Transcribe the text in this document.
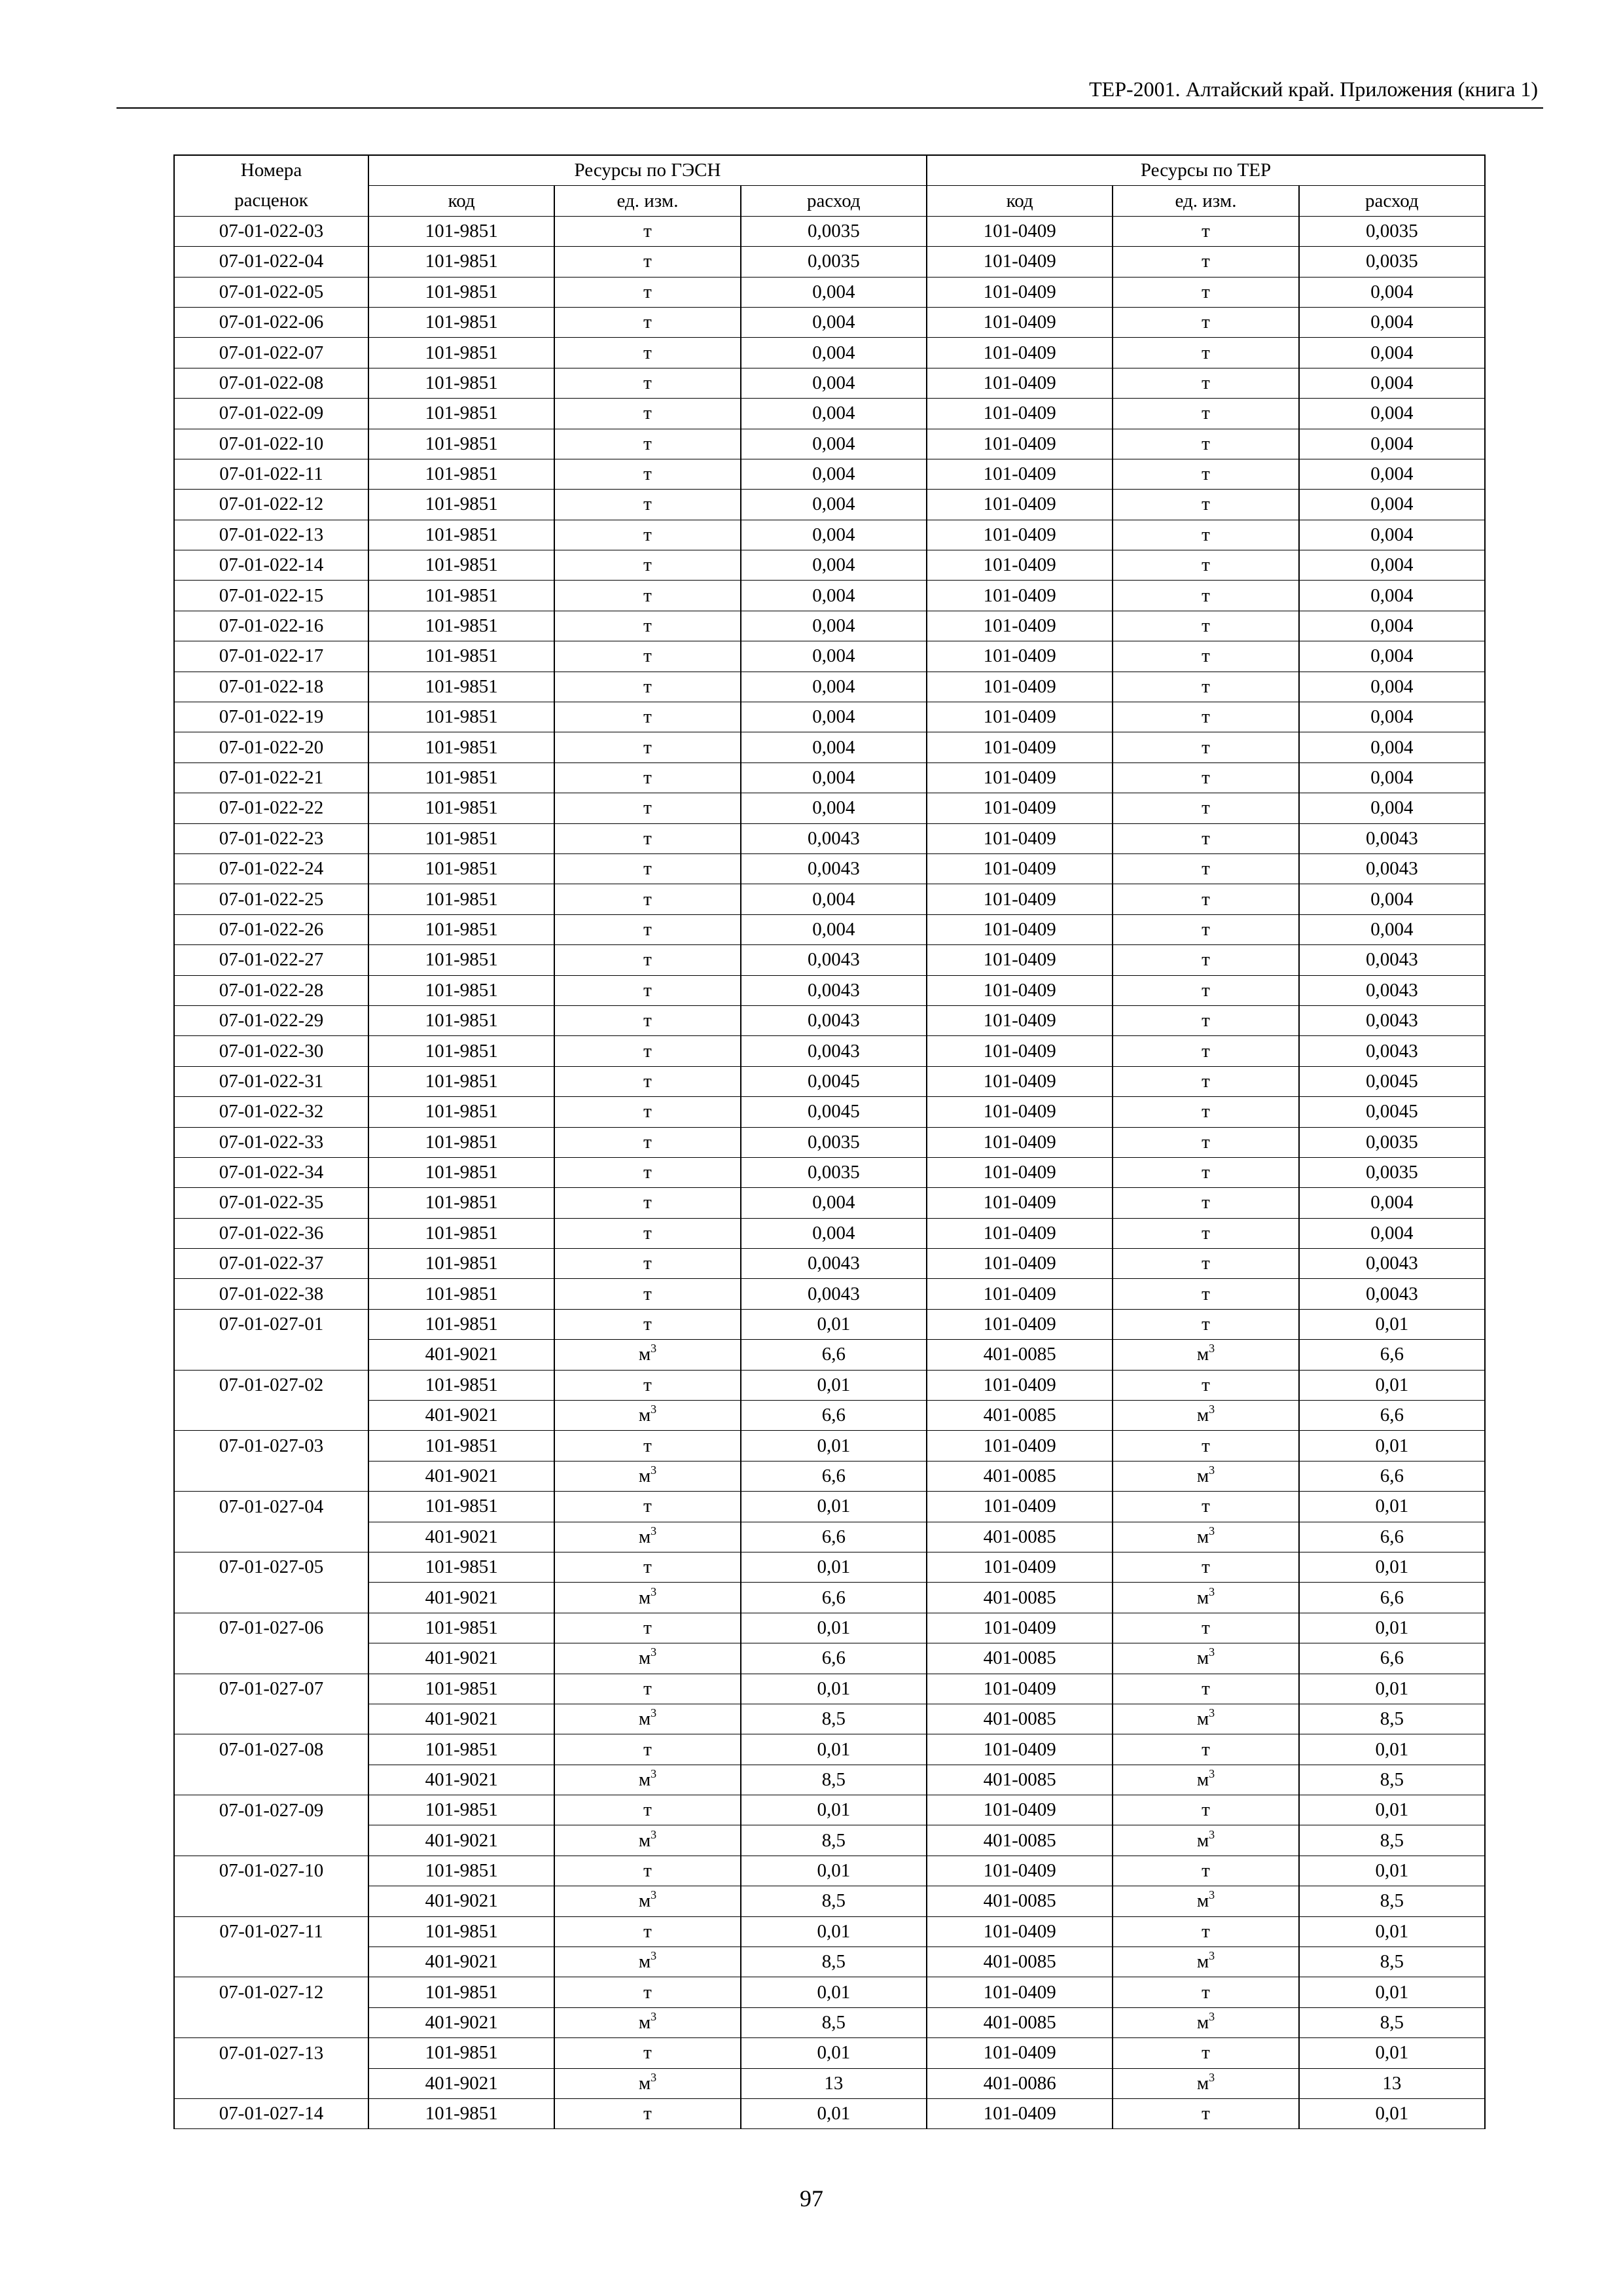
ТЕР-2001. Алтайский край. Приложения (книга 1)
Номера	Ресурсы по ГЭСН			Ресурсы по ТЕР		
расценок	код	ед. изм.	расход	код	ед. изм.	расход
07-01-022-03	101-9851	т	0,0035	101-0409	т	0,0035
07-01-022-04	101-9851	т	0,0035	101-0409	т	0,0035
07-01-022-05	101-9851	т	0,004	101-0409	т	0,004
07-01-022-06	101-9851	т	0,004	101-0409	т	0,004
07-01-022-07	101-9851	т	0,004	101-0409	т	0,004
07-01-022-08	101-9851	т	0,004	101-0409	т	0,004
07-01-022-09	101-9851	т	0,004	101-0409	т	0,004
07-01-022-10	101-9851	т	0,004	101-0409	т	0,004
07-01-022-11	101-9851	т	0,004	101-0409	т	0,004
07-01-022-12	101-9851	т	0,004	101-0409	т	0,004
07-01-022-13	101-9851	т	0,004	101-0409	т	0,004
07-01-022-14	101-9851	т	0,004	101-0409	т	0,004
07-01-022-15	101-9851	т	0,004	101-0409	т	0,004
07-01-022-16	101-9851	т	0,004	101-0409	т	0,004
07-01-022-17	101-9851	т	0,004	101-0409	т	0,004
07-01-022-18	101-9851	т	0,004	101-0409	т	0,004
07-01-022-19	101-9851	т	0,004	101-0409	т	0,004
07-01-022-20	101-9851	т	0,004	101-0409	т	0,004
07-01-022-21	101-9851	т	0,004	101-0409	т	0,004
07-01-022-22	101-9851	т	0,004	101-0409	т	0,004
07-01-022-23	101-9851	т	0,0043	101-0409	т	0,0043
07-01-022-24	101-9851	т	0,0043	101-0409	т	0,0043
07-01-022-25	101-9851	т	0,004	101-0409	т	0,004
07-01-022-26	101-9851	т	0,004	101-0409	т	0,004
07-01-022-27	101-9851	т	0,0043	101-0409	т	0,0043
07-01-022-28	101-9851	т	0,0043	101-0409	т	0,0043
07-01-022-29	101-9851	т	0,0043	101-0409	т	0,0043
07-01-022-30	101-9851	т	0,0043	101-0409	т	0,0043
07-01-022-31	101-9851	т	0,0045	101-0409	т	0,0045
07-01-022-32	101-9851	т	0,0045	101-0409	т	0,0045
07-01-022-33	101-9851	т	0,0035	101-0409	т	0,0035
07-01-022-34	101-9851	т	0,0035	101-0409	т	0,0035
07-01-022-35	101-9851	т	0,004	101-0409	т	0,004
07-01-022-36	101-9851	т	0,004	101-0409	т	0,004
07-01-022-37	101-9851	т	0,0043	101-0409	т	0,0043
07-01-022-38	101-9851	т	0,0043	101-0409	т	0,0043
07-01-027-01	101-9851	т	0,01	101-0409	т	0,01
	401-9021	$м^3$	6,6	401-0085	$м^3$	6,6
07-01-027-02	101-9851	т	0,01	101-0409	т	0,01
	401-9021	$м^3$	6,6	401-0085	$м^3$	6,6
07-01-027-03	101-9851	т	0,01	101-0409	т	0,01
	401-9021	$м^3$	6,6	401-0085	$м^3$	6,6
07-01-027-04	101-9851	т	0,01	101-0409	т	0,01
	401-9021	$м^3$	6,6	401-0085	$м^3$	6,6
07-01-027-05	101-9851	т	0,01	101-0409	т	0,01
	401-9021	$м^3$	6,6	401-0085	$м^3$	6,6
07-01-027-06	101-9851	т	0,01	101-0409	т	0,01
	401-9021	$м^3$	6,6	401-0085	$м^3$	6,6
07-01-027-07	101-9851	т	0,01	101-0409	т	0,01
	401-9021	$м^3$	8,5	401-0085	$м^3$	8,5
07-01-027-08	101-9851	т	0,01	101-0409	т	0,01
	401-9021	$м^3$	8,5	401-0085	$м^3$	8,5
07-01-027-09	101-9851	т	0,01	101-0409	т	0,01
	401-9021	$м^3$	8,5	401-0085	$м^3$	8,5
07-01-027-10	101-9851	т	0,01	101-0409	т	0,01
	401-9021	$м^3$	8,5	401-0085	$м^3$	8,5
07-01-027-11	101-9851	т	0,01	101-0409	т	0,01
	401-9021	$м^3$	8,5	401-0085	$м^3$	8,5
07-01-027-12	101-9851	т	0,01	101-0409	т	0,01
	401-9021	$м^3$	8,5	401-0085	$м^3$	8,5
07-01-027-13	101-9851	т	0,01	101-0409	т	0,01
	401-9021	$м^3$	13	401-0086	$м^3$	13
07-01-027-14	101-9851	т	0,01	101-0409	т	0,01
97
